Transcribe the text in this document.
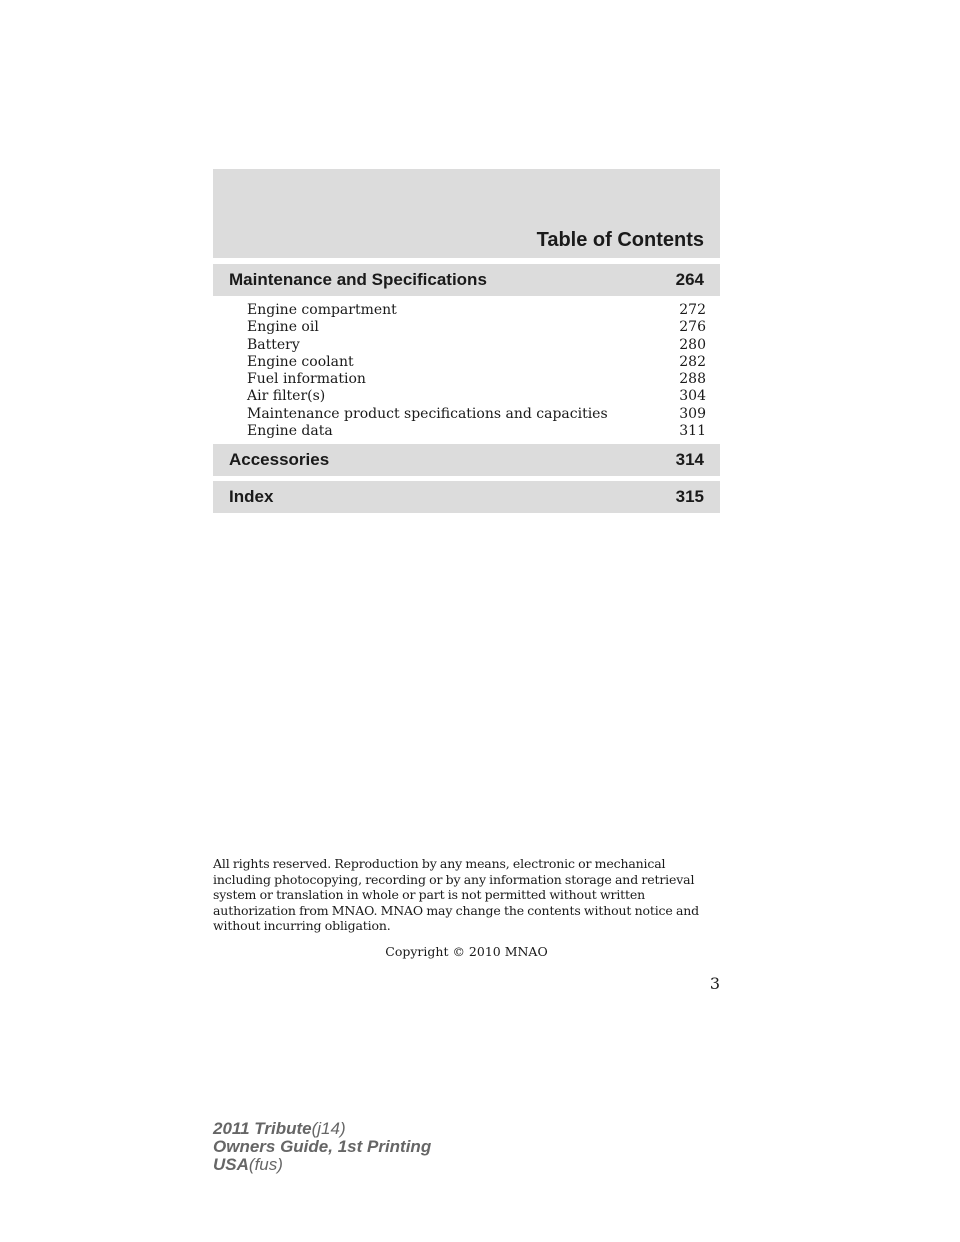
Table of Contents
Maintenance and Specifications	264
Engine compartment	272
Engine oil	276
Battery	280
Engine coolant	282
Fuel information	288
Air filter(s)	304
Maintenance product specifications and capacities	309
Engine data	311
Accessories	314
Index	315

All rights reserved. Reproduction by any means, electronic or mechanical
including photocopying, recording or by any information storage and retrieval
system or translation in whole or part is not permitted without written
authorization from MNAO. MNAO may change the contents without notice and
without incurring obligation.

Copyright © 2010 MNAO
3
2011 Tribute(j14)
Owners Guide, 1st Printing
USA(fus)
